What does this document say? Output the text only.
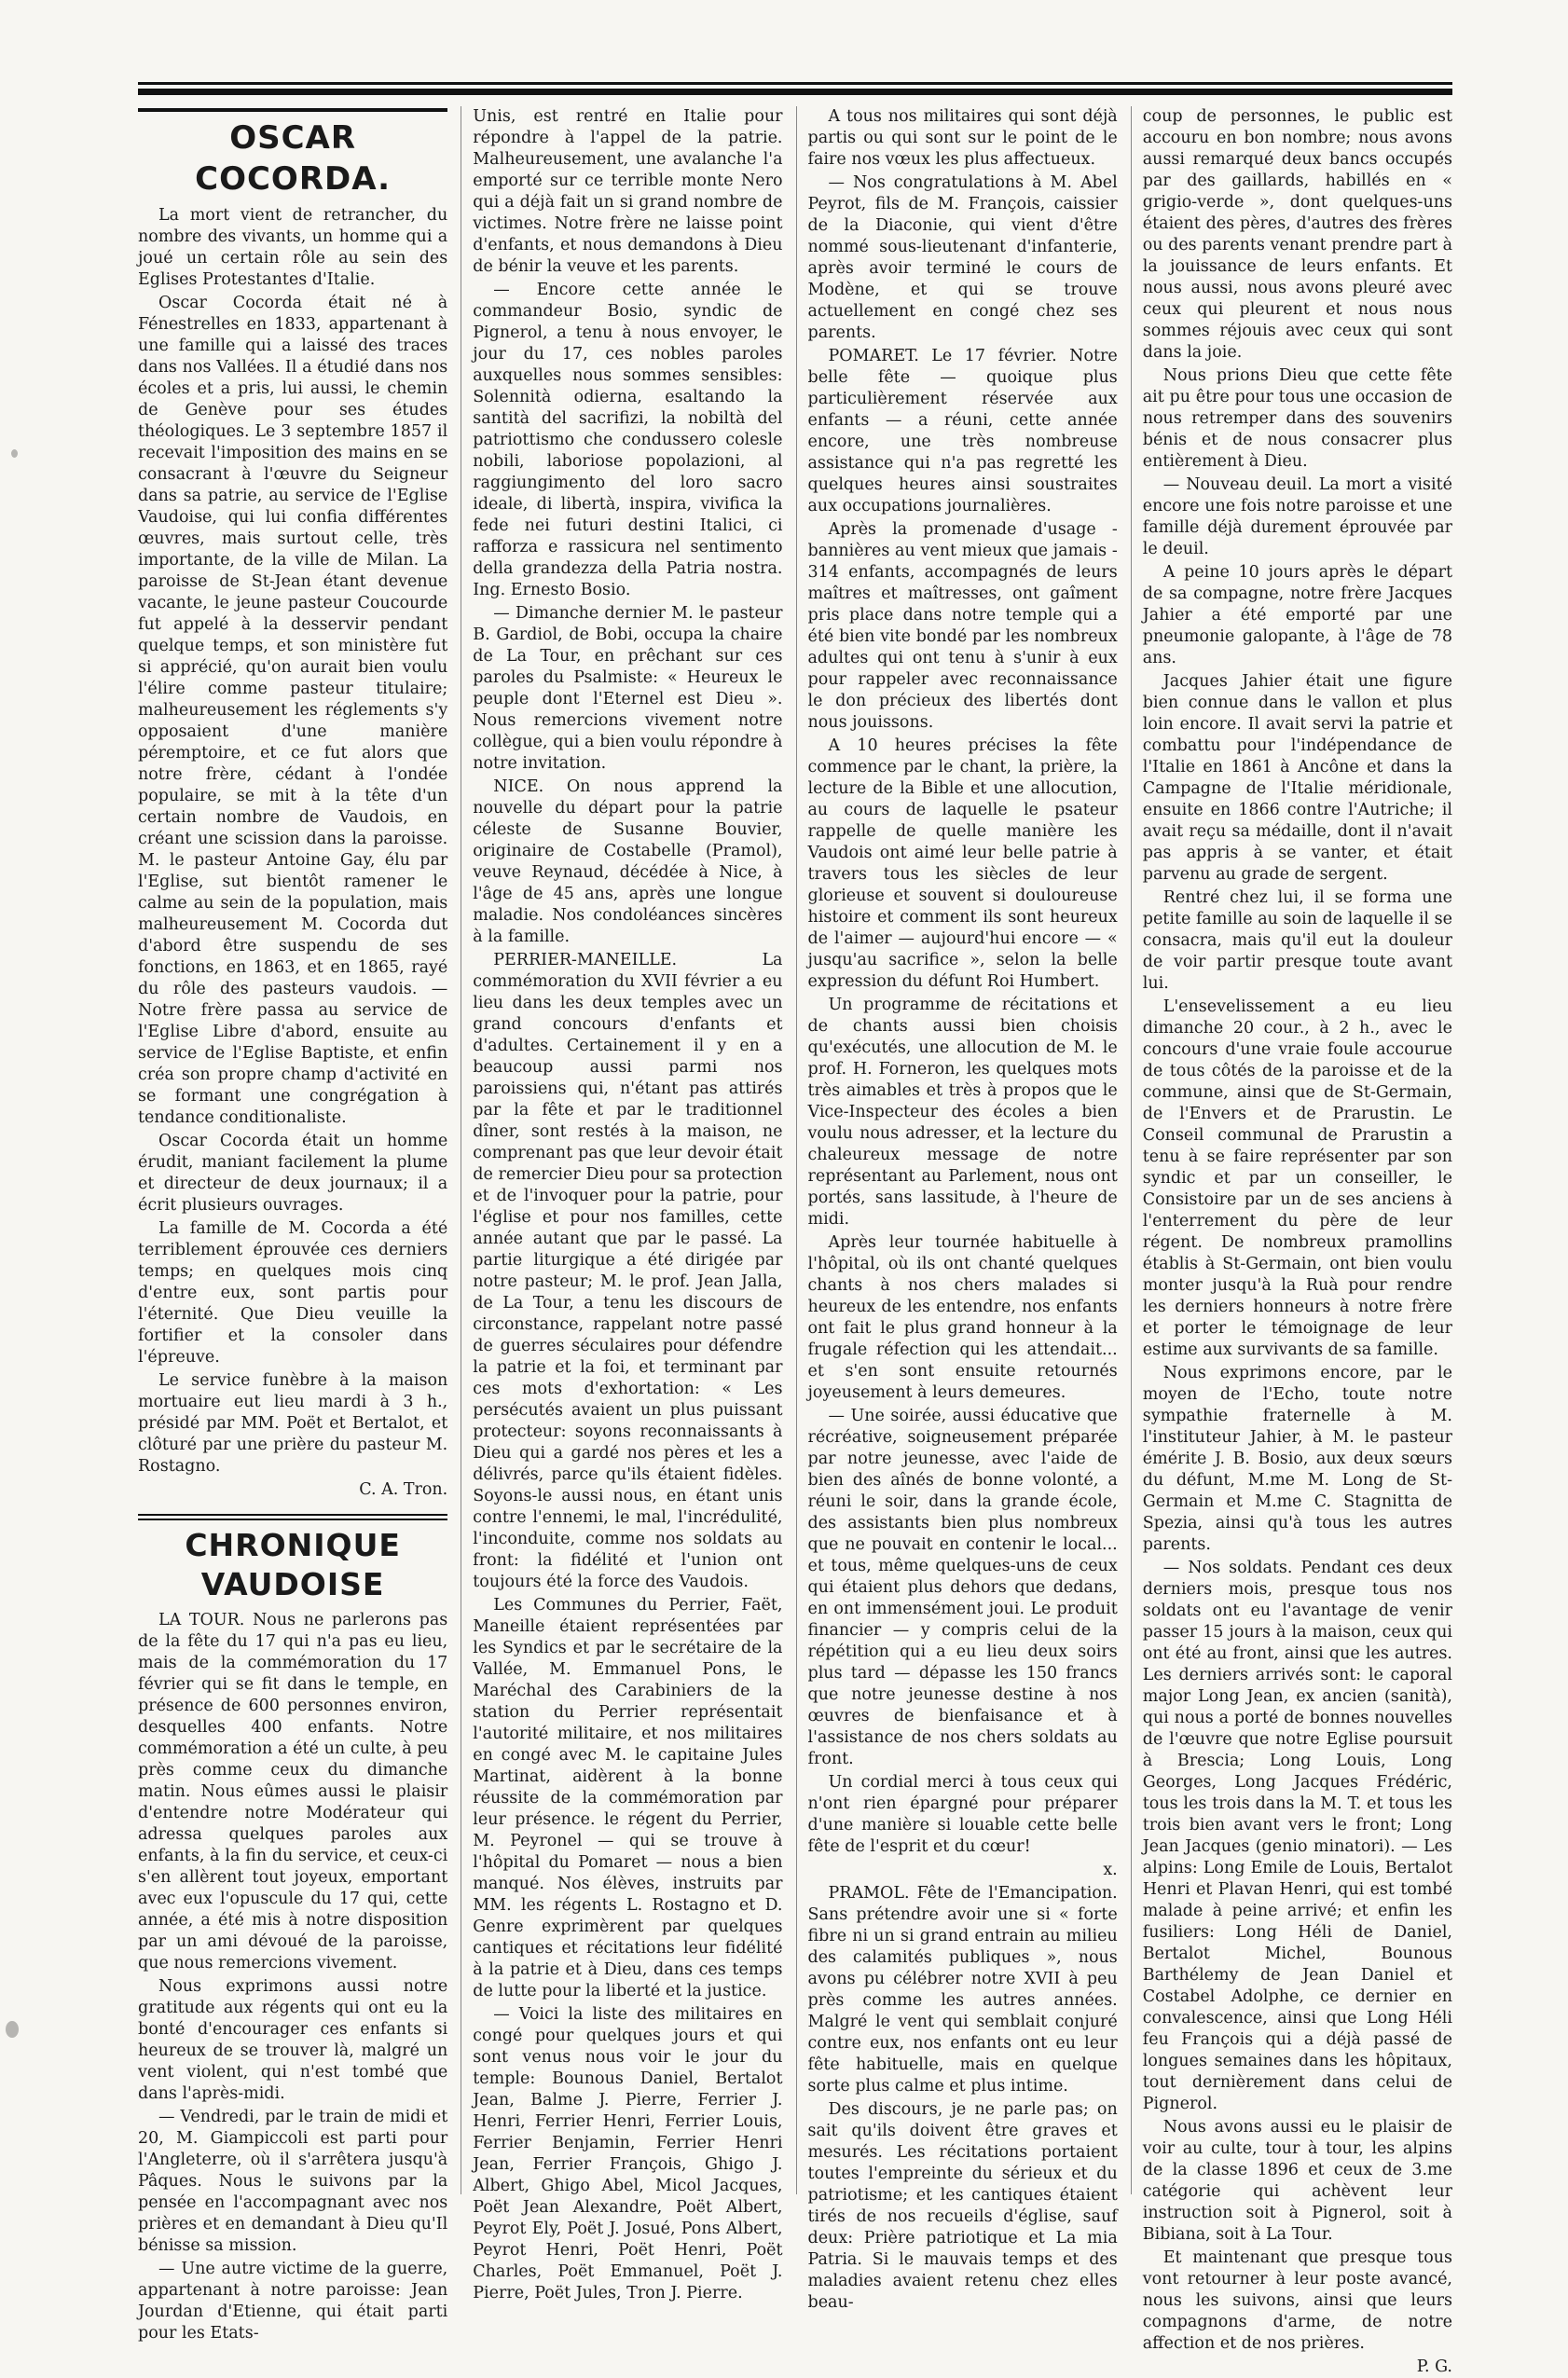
OSCAR COCORDA.

La mort vient de retrancher, du nombre des vivants, un homme qui a joué un certain rôle au sein des Eglises Protestantes d'Italie.

Oscar Cocorda était né à Fénestrelles en 1833, appartenant à une famille qui a laissé des traces dans nos Vallées. Il a étudié dans nos écoles et a pris, lui aussi, le chemin de Genève pour ses études théologiques. Le 3 septembre 1857 il recevait l'imposition des mains en se consacrant à l'œuvre du Seigneur dans sa patrie, au service de l'Eglise Vaudoise, qui lui confia différentes œuvres, mais surtout celle, très importante, de la ville de Milan. La paroisse de St-Jean étant devenue vacante, le jeune pasteur Coucourde fut appelé à la desservir pendant quelque temps, et son ministère fut si apprécié, qu'on aurait bien voulu l'élire comme pasteur titulaire; malheureusement les réglements s'y opposaient d'une manière péremptoire, et ce fut alors que notre frère, cédant à l'ondée populaire, se mit à la tête d'un certain nombre de Vaudois, en créant une scission dans la paroisse. M. le pasteur Antoine Gay, élu par l'Eglise, sut bientôt ramener le calme au sein de la population, mais malheureusement M. Cocorda dut d'abord être suspendu de ses fonctions, en 1863, et en 1865, rayé du rôle des pasteurs vaudois. — Notre frère passa au service de l'Eglise Libre d'abord, ensuite au service de l'Eglise Baptiste, et enfin créa son propre champ d'activité en se formant une congrégation à tendance conditionaliste.

Oscar Cocorda était un homme érudit, maniant facilement la plume et directeur de deux journaux; il a écrit plusieurs ouvrages.

La famille de M. Cocorda a été terriblement éprouvée ces derniers temps; en quelques mois cinq d'entre eux, sont partis pour l'éternité. Que Dieu veuille la fortifier et la consoler dans l'épreuve.

Le service funèbre à la maison mortuaire eut lieu mardi à 3 h., présidé par MM. Poët et Bertalot, et clôturé par une prière du pasteur M. Rostagno.

C. A. Tron.

CHRONIQUE VAUDOISE

LA TOUR. Nous ne parlerons pas de la fête du 17 qui n'a pas eu lieu, mais de la commémoration du 17 février qui se fit dans le temple, en présence de 600 personnes environ, desquelles 400 enfants. Notre commémoration a été un culte, à peu près comme ceux du dimanche matin. Nous eûmes aussi le plaisir d'entendre notre Modérateur qui adressa quelques paroles aux enfants, à la fin du service, et ceux-ci s'en allèrent tout joyeux, emportant avec eux l'opuscule du 17 qui, cette année, a été mis à notre disposition par un ami dévoué de la paroisse, que nous remercions vivement.

Nous exprimons aussi notre gratitude aux régents qui ont eu la bonté d'encourager ces enfants si heureux de se trouver là, malgré un vent violent, qui n'est tombé que dans l'après-midi.

— Vendredi, par le train de midi et 20, M. Giampiccoli est parti pour l'Angleterre, où il s'arrêtera jusqu'à Pâques. Nous le suivons par la pensée en l'accompagnant avec nos prières et en demandant à Dieu qu'Il bénisse sa mission.

— Une autre victime de la guerre, appartenant à notre paroisse: Jean Jourdan d'Etienne, qui était parti pour les Etats-

Unis, est rentré en Italie pour répondre à l'appel de la patrie. Malheureusement, une avalanche l'a emporté sur ce terrible monte Nero qui a déjà fait un si grand nombre de victimes. Notre frère ne laisse point d'enfants, et nous demandons à Dieu de bénir la veuve et les parents.

— Encore cette année le commandeur Bosio, syndic de Pignerol, a tenu à nous envoyer, le jour du 17, ces nobles paroles auxquelles nous sommes sensibles: Solennità odierna, esaltando la santità del sacrifizi, la nobiltà del patriottismo che condussero colesle nobili, laboriose popolazioni, al raggiungimento del loro sacro ideale, di libertà, inspira, vivifica la fede nei futuri destini Italici, ci rafforza e rassicura nel sentimento della grandezza della Patria nostra. Ing. Ernesto Bosio.

— Dimanche dernier M. le pasteur B. Gardiol, de Bobi, occupa la chaire de La Tour, en prêchant sur ces paroles du Psalmiste: « Heureux le peuple dont l'Eternel est Dieu ». Nous remercions vivement notre collègue, qui a bien voulu répondre à notre invitation.

NICE. On nous apprend la nouvelle du départ pour la patrie céleste de Susanne Bouvier, originaire de Costabelle (Pramol), veuve Reynaud, décédée à Nice, à l'âge de 45 ans, après une longue maladie. Nos condoléances sincères à la famille.

PERRIER-MANEILLE. La commémoration du XVII février a eu lieu dans les deux temples avec un grand concours d'enfants et d'adultes. Certainement il y en a beaucoup aussi parmi nos paroissiens qui, n'étant pas attirés par la fête et par le traditionnel dîner, sont restés à la maison, ne comprenant pas que leur devoir était de remercier Dieu pour sa protection et de l'invoquer pour la patrie, pour l'église et pour nos familles, cette année autant que par le passé. La partie liturgique a été dirigée par notre pasteur; M. le prof. Jean Jalla, de La Tour, a tenu les discours de circonstance, rappelant notre passé de guerres séculaires pour défendre la patrie et la foi, et terminant par ces mots d'exhortation: « Les persécutés avaient un plus puissant protecteur: soyons reconnaissants à Dieu qui a gardé nos pères et les a délivrés, parce qu'ils étaient fidèles. Soyons-le aussi nous, en étant unis contre l'ennemi, le mal, l'incrédulité, l'inconduite, comme nos soldats au front: la fidélité et l'union ont toujours été la force des Vaudois.

Les Communes du Perrier, Faët, Maneille étaient représentées par les Syndics et par le secrétaire de la Vallée, M. Emmanuel Pons, le Maréchal des Carabiniers de la station du Perrier représentait l'autorité militaire, et nos militaires en congé avec M. le capitaine Jules Martinat, aidèrent à la bonne réussite de la commémoration par leur présence. le régent du Perrier, M. Peyronel — qui se trouve à l'hôpital du Pomaret — nous a bien manqué. Nos élèves, instruits par MM. les régents L. Rostagno et D. Genre exprimèrent par quelques cantiques et récitations leur fidélité à la patrie et à Dieu, dans ces temps de lutte pour la liberté et la justice.

— Voici la liste des militaires en congé pour quelques jours et qui sont venus nous voir le jour du temple: Bounous Daniel, Bertalot Jean, Balme J. Pierre, Ferrier J. Henri, Ferrier Henri, Ferrier Louis, Ferrier Benjamin, Ferrier Henri Jean, Ferrier François, Ghigo J. Albert, Ghigo Abel, Micol Jacques, Poët Jean Alexandre, Poët Albert, Peyrot Ely, Poët J. Josué, Pons Albert, Peyrot Henri, Poët Henri, Poët Charles, Poët Emmanuel, Poët J. Pierre, Poët Jules, Tron J. Pierre.

A tous nos militaires qui sont déjà partis ou qui sont sur le point de le faire nos vœux les plus affectueux.

— Nos congratulations à M. Abel Peyrot, fils de M. François, caissier de la Diaconie, qui vient d'être nommé sous-lieutenant d'infanterie, après avoir terminé le cours de Modène, et qui se trouve actuellement en congé chez ses parents.

POMARET. Le 17 février. Notre belle fête — quoique plus particulièrement réservée aux enfants — a réuni, cette année encore, une très nombreuse assistance qui n'a pas regretté les quelques heures ainsi soustraites aux occupations journalières.

Après la promenade d'usage - bannières au vent mieux que jamais - 314 enfants, accompagnés de leurs maîtres et maîtresses, ont gaîment pris place dans notre temple qui a été bien vite bondé par les nombreux adultes qui ont tenu à s'unir à eux pour rappeler avec reconnaissance le don précieux des libertés dont nous jouissons.

A 10 heures précises la fête commence par le chant, la prière, la lecture de la Bible et une allocution, au cours de laquelle le psateur rappelle de quelle manière les Vaudois ont aimé leur belle patrie à travers tous les siècles de leur glorieuse et souvent si douloureuse histoire et comment ils sont heureux de l'aimer — aujourd'hui encore — « jusqu'au sacrifice », selon la belle expression du défunt Roi Humbert.

Un programme de récitations et de chants aussi bien choisis qu'exécutés, une allocution de M. le prof. H. Forneron, les quelques mots très aimables et très à propos que le Vice-Inspecteur des écoles a bien voulu nous adresser, et la lecture du chaleureux message de notre représentant au Parlement, nous ont portés, sans lassitude, à l'heure de midi.

Après leur tournée habituelle à l'hôpital, où ils ont chanté quelques chants à nos chers malades si heureux de les entendre, nos enfants ont fait le plus grand honneur à la frugale réfection qui les attendait... et s'en sont ensuite retournés joyeusement à leurs demeures.

— Une soirée, aussi éducative que récréative, soigneusement préparée par notre jeunesse, avec l'aide de bien des aînés de bonne volonté, a réuni le soir, dans la grande école, des assistants bien plus nombreux que ne pouvait en contenir le local... et tous, même quelques-uns de ceux qui étaient plus dehors que dedans, en ont immensément joui. Le produit financier — y compris celui de la répétition qui a eu lieu deux soirs plus tard — dépasse les 150 francs que notre jeunesse destine à nos œuvres de bienfaisance et à l'assistance de nos chers soldats au front.

Un cordial merci à tous ceux qui n'ont rien épargné pour préparer d'une manière si louable cette belle fête de l'esprit et du cœur!

x.

PRAMOL. Fête de l'Emancipation. Sans prétendre avoir une si « forte fibre ni un si grand entrain au milieu des calamités publiques », nous avons pu célébrer notre XVII à peu près comme les autres années. Malgré le vent qui semblait conjuré contre eux, nos enfants ont eu leur fête habituelle, mais en quelque sorte plus calme et plus intime.

Des discours, je ne parle pas; on sait qu'ils doivent être graves et mesurés. Les récitations portaient toutes l'empreinte du sérieux et du patriotisme; et les cantiques étaient tirés de nos recueils d'église, sauf deux: Prière patriotique et La mia Patria. Si le mauvais temps et des maladies avaient retenu chez elles beau-

coup de personnes, le public est accouru en bon nombre; nous avons aussi remarqué deux bancs occupés par des gaillards, habillés en « grigio-verde », dont quelques-uns étaient des pères, d'autres des frères ou des parents venant prendre part à la jouissance de leurs enfants. Et nous aussi, nous avons pleuré avec ceux qui pleurent et nous nous sommes réjouis avec ceux qui sont dans la joie.

Nous prions Dieu que cette fête ait pu être pour tous une occasion de nous retremper dans des souvenirs bénis et de nous consacrer plus entièrement à Dieu.

— Nouveau deuil. La mort a visité encore une fois notre paroisse et une famille déjà durement éprouvée par le deuil.

A peine 10 jours après le départ de sa compagne, notre frère Jacques Jahier a été emporté par une pneumonie galopante, à l'âge de 78 ans.

Jacques Jahier était une figure bien connue dans le vallon et plus loin encore. Il avait servi la patrie et combattu pour l'indépendance de l'Italie en 1861 à Ancône et dans la Campagne de l'Italie méridionale, ensuite en 1866 contre l'Autriche; il avait reçu sa médaille, dont il n'avait pas appris à se vanter, et était parvenu au grade de sergent.

Rentré chez lui, il se forma une petite famille au soin de laquelle il se consacra, mais qu'il eut la douleur de voir partir presque toute avant lui.

L'ensevelissement a eu lieu dimanche 20 cour., à 2 h., avec le concours d'une vraie foule accourue de tous côtés de la paroisse et de la commune, ainsi que de St-Germain, de l'Envers et de Prarustin. Le Conseil communal de Prarustin a tenu à se faire représenter par son syndic et par un conseiller, le Consistoire par un de ses anciens à l'enterrement du père de leur régent. De nombreux pramollins établis à St-Germain, ont bien voulu monter jusqu'à la Ruà pour rendre les derniers honneurs à notre frère et porter le témoignage de leur estime aux survivants de sa famille.

Nous exprimons encore, par le moyen de l'Echo, toute notre sympathie fraternelle à M. l'instituteur Jahier, à M. le pasteur émérite J. B. Bosio, aux deux sœurs du défunt, M.me M. Long de St-Germain et M.me C. Stagnitta de Spezia, ainsi qu'à tous les autres parents.

— Nos soldats. Pendant ces deux derniers mois, presque tous nos soldats ont eu l'avantage de venir passer 15 jours à la maison, ceux qui ont été au front, ainsi que les autres. Les derniers arrivés sont: le caporal major Long Jean, ex ancien (sanità), qui nous a porté de bonnes nouvelles de l'œuvre que notre Eglise poursuit à Brescia; Long Louis, Long Georges, Long Jacques Frédéric, tous les trois dans la M. T. et tous les trois bien avant vers le front; Long Jean Jacques (genio minatori). — Les alpins: Long Emile de Louis, Bertalot Henri et Plavan Henri, qui est tombé malade à peine arrivé; et enfin les fusiliers: Long Héli de Daniel, Bertalot Michel, Bounous Barthélemy de Jean Daniel et Costabel Adolphe, ce dernier en convalescence, ainsi que Long Héli feu François qui a déjà passé de longues semaines dans les hôpitaux, tout dernièrement dans celui de Pignerol.

Nous avons aussi eu le plaisir de voir au culte, tour à tour, les alpins de la classe 1896 et ceux de 3.me catégorie qui achèvent leur instruction soit à Pignerol, soit à Bibiana, soit à La Tour.

Et maintenant que presque tous vont retourner à leur poste avancé, nous les suivons, ainsi que leurs compagnons d'arme, de notre affection et de nos prières.

P. G.
